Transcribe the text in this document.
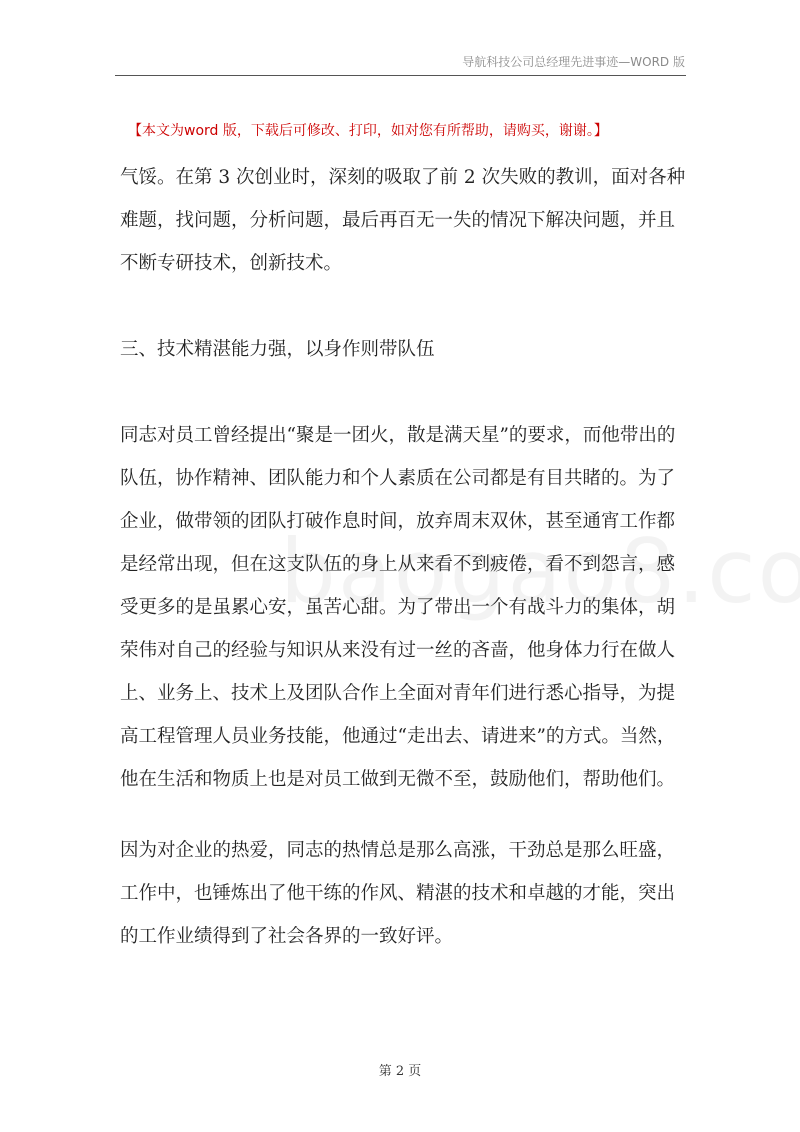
导航科技公司总经理先进事迹—WORD 版
【本文为word 版，下载后可修改、打印，如对您有所帮助，请购买，谢谢。】
气馁。在第 3 次创业时，深刻的吸取了前 2 次失败的教训，面对各种
难题，找问题，分析问题，最后再百无一失的情况下解决问题，并且
不断专研技术，创新技术。
三、技术精湛能力强，以身作则带队伍
同志对员工曾经提出“聚是一团火，散是满天星”的要求，而他带出的
队伍，协作精神、团队能力和个人素质在公司都是有目共睹的。为了
企业，做带领的团队打破作息时间，放弃周末双休，甚至通宵工作都
是经常出现，但在这支队伍的身上从来看不到疲倦，看不到怨言，感
受更多的是虽累心安，虽苦心甜。为了带出一个有战斗力的集体，胡
荣伟对自己的经验与知识从来没有过一丝的吝啬，他身体力行在做人
上、业务上、技术上及团队合作上全面对青年们进行悉心指导，为提
高工程管理人员业务技能，他通过“走出去、请进来”的方式。当然，
他在生活和物质上也是对员工做到无微不至，鼓励他们，帮助他们。
因为对企业的热爱，同志的热情总是那么高涨，干劲总是那么旺盛，
工作中，也锤炼出了他干练的作风、精湛的技术和卓越的才能，突出
的工作业绩得到了社会各界的一致好评。
第 2 页
